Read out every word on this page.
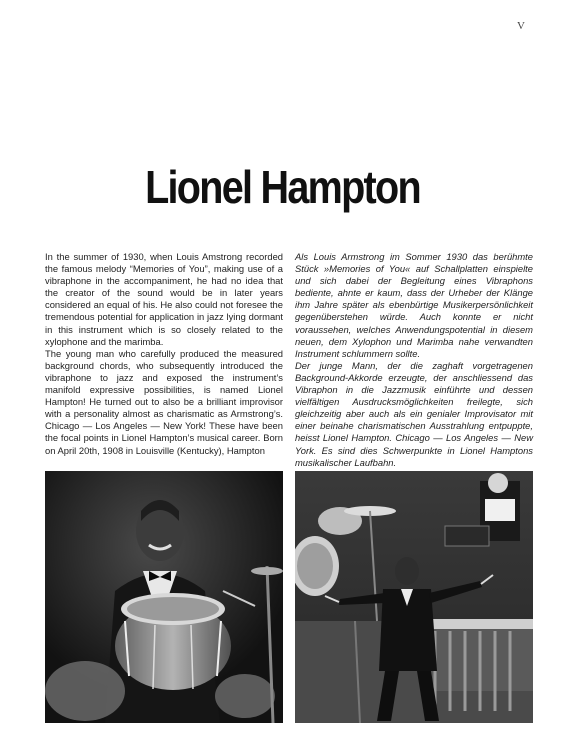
V
Lionel Hampton

In the summer of 1930, when Louis Amstrong recorded the famous melody “Memories of You”, making use of a vibraphone in the accompaniment, he had no idea that the creator of the sound would be in later years considered an equal of his. He also could not foresee the tremendous potential for application in jazz lying dormant in this instrument which is so closely related to the xylophone and the marimba.

The young man who carefully produced the measured background chords, who subsequently introduced the vibraphone to jazz and exposed the instrument’s manifold expressive possibilities, is named Lionel Hampton! He turned out to also be a brilliant improvisor with a personality almost as charismatic as Armstrong’s. Chicago — Los Angeles — New York! These have been the focal points in Lionel Hampton’s musical career. Born on April 20th, 1908 in Louisville (Kentucky), Hampton

Als Louis Armstrong im Sommer 1930 das berühmte Stück »Memories of You« auf Schallplatten einspielte und sich dabei der Begleitung eines Vibraphons bediente, ahnte er kaum, dass der Urheber der Klänge ihm Jahre später als ebenbürtige Musikerpersönlichkeit gegenüberstehen würde. Auch konnte er nicht voraussehen, welches Anwendungspotential in diesem neuen, dem Xylophon und Marimba nahe verwandten Instrument schlummern sollte.

Der junge Mann, der die zaghaft vorgetragenen Background-Akkorde erzeugte, der anschliessend das Vibraphon in die Jazzmusik einführte und dessen vielfältigen Ausdrucksmöglichkeiten freilegte, sich gleichzeitig aber auch als ein genialer Improvisator mit einer beinahe charismatischen Ausstrahlung entpuppte, heisst Lionel Hampton. Chicago — Los Angeles — New York. Es sind dies Schwerpunkte in Lionel Hamptons musikalischer Laufbahn.
